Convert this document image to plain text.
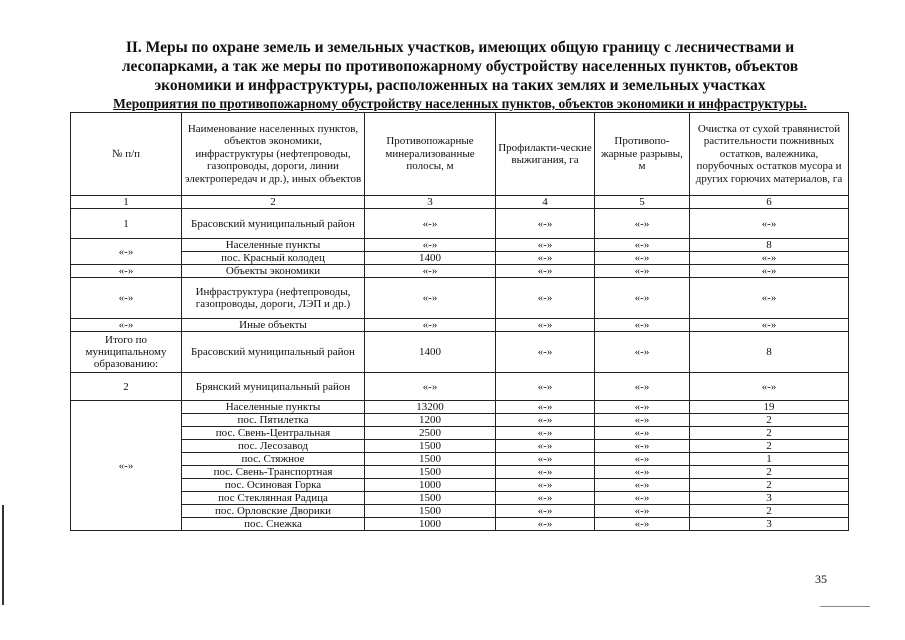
II. Меры по охране земель и земельных участков, имеющих общую границу с лесничествами и
лесопарками, а так же меры по противопожарному обустройству населенных пунктов, объектов
экономики и инфраструктуры, расположенных на таких землях и земельных участках
Мероприятия по противопожарному обустройству населенных пунктов, объектов экономики и инфраструктуры.
№ п/п	Наименование населенных пунктов, объектов экономики, инфраструктуры (нефтепроводы, газопроводы, дороги, линии электропередач и др.), иных объектов	Противопожарные минерализованные полосы, м	Профилакти-ческие выжигания, га	Противопо-жарные разрывы, м	Очистка от сухой травянистой растительности пожнивных остатков, валежника, порубочных остатков мусора и других горючих материалов, га
1	2	3	4	5	6
1	Брасовский муниципальный район	«-»	«-»	«-»	«-»
«-»	Населенные пункты	«-»	«-»	«-»	8
	пос. Красный колодец	1400	«-»	«-»	«-»
«-»	Объекты экономики	«-»	«-»	«-»	«-»
«-»	Инфраструктура (нефтепроводы, газопроводы, дороги, ЛЭП и др.)	«-»	«-»	«-»	«-»
«-»	Иные объекты	«-»	«-»	«-»	«-»
Итого по муниципальному образованию:	Брасовский муниципальный район	1400	«-»	«-»	8
2	Брянский муниципальный район	«-»	«-»	«-»	«-»
«-»	Населенные пункты	13200	«-»	«-»	19
	пос. Пятилетка	1200	«-»	«-»	2
	пос. Свень-Центральная	2500	«-»	«-»	2
	пос. Лесозавод	1500	«-»	«-»	2
	пос. Стяжное	1500	«-»	«-»	1
	пос. Свень-Транспортная	1500	«-»	«-»	2
	пос. Осиновая Горка	1000	«-»	«-»	2
	пос Стеклянная Радица	1500	«-»	«-»	3
	пос. Орловские Дворики	1500	«-»	«-»	2
	пос. Снежка	1000	«-»	«-»	3
35
